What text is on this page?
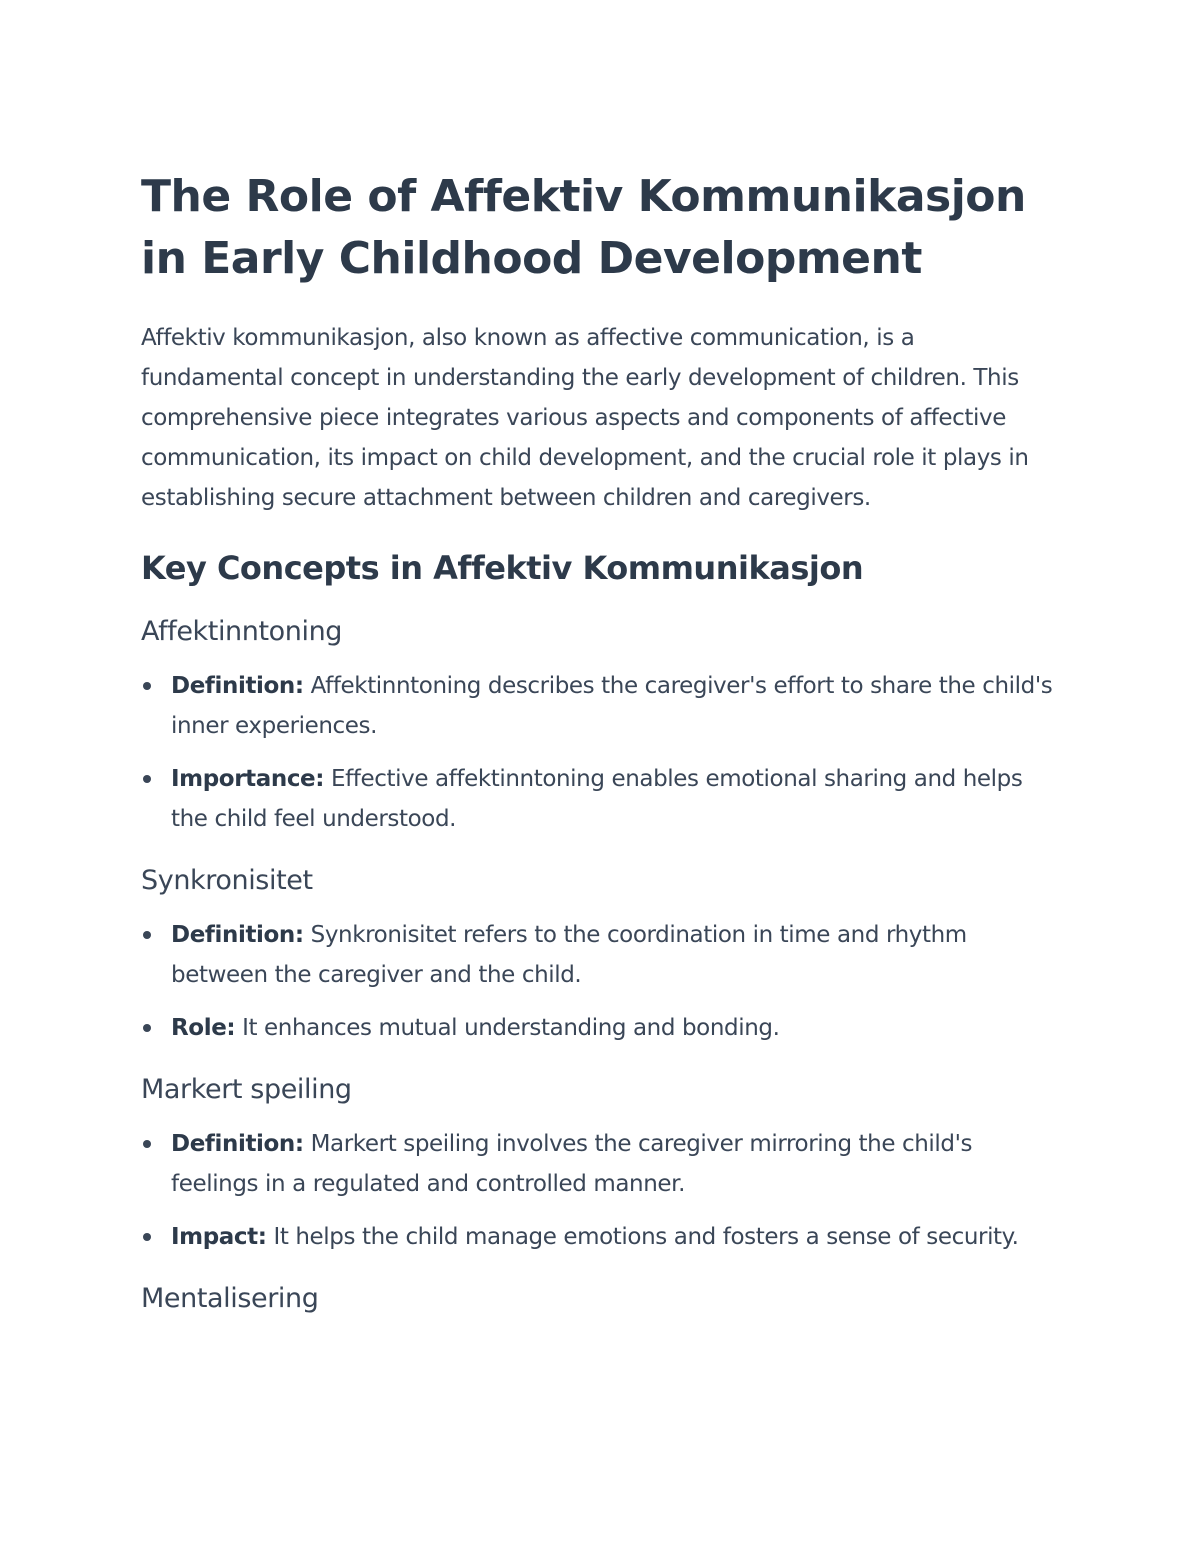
The Role of Affektiv Kommunikasjon in Early Childhood Development

Affektiv kommunikasjon, also known as affective communication, is a fundamental concept in understanding the early development of children. This comprehensive piece integrates various aspects and components of affective communication, its impact on child development, and the crucial role it plays in establishing secure attachment between children and caregivers.

Key Concepts in Affektiv Kommunikasjon
Affektinntoning
Definition: Affektinntoning describes the caregiver's effort to share the child's inner experiences.
Importance: Effective affektinntoning enables emotional sharing and helps the child feel understood.
Synkronisitet
Definition: Synkronisitet refers to the coordination in time and rhythm between the caregiver and the child.
Role: It enhances mutual understanding and bonding.
Markert speiling
Definition: Markert speiling involves the caregiver mirroring the child's feelings in a regulated and controlled manner.
Impact: It helps the child manage emotions and fosters a sense of security.
Mentalisering
